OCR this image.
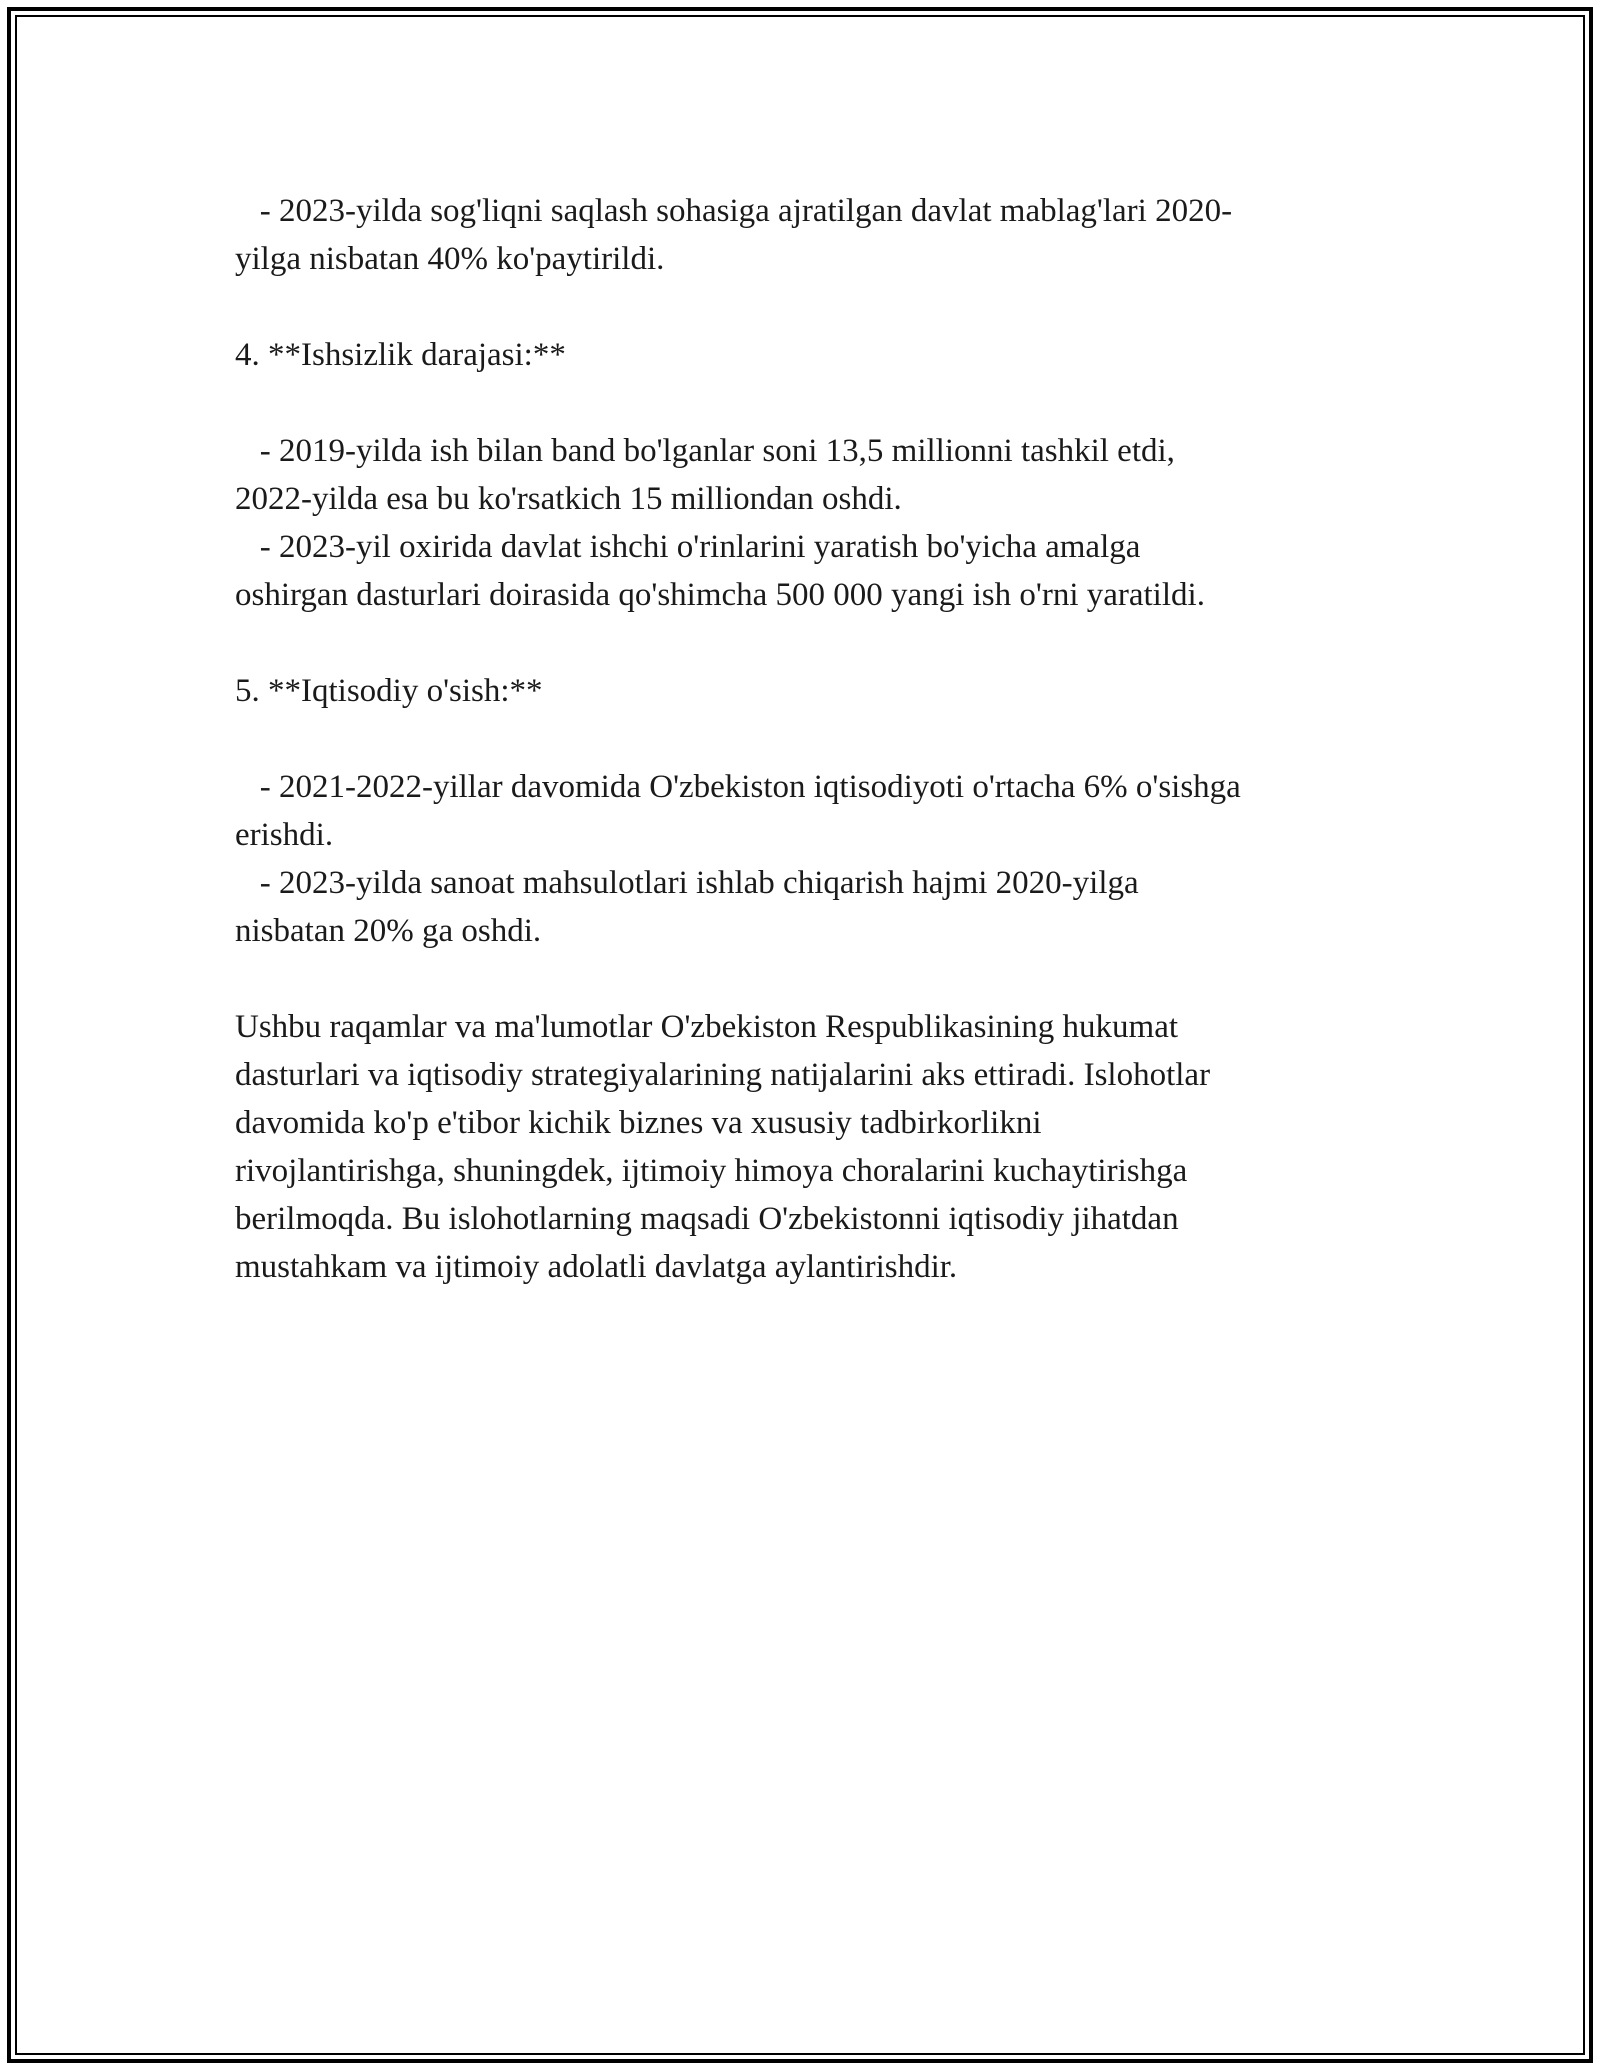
- 2023-yilda sog'liqni saqlash sohasiga ajratilgan davlat mablag'lari 2020-
yilga nisbatan 40% ko'paytirildi.
4. **Ishsizlik darajasi:**
- 2019-yilda ish bilan band bo'lganlar soni 13,5 millionni tashkil etdi,
2022-yilda esa bu ko'rsatkich 15 milliondan oshdi.
- 2023-yil oxirida davlat ishchi o'rinlarini yaratish bo'yicha amalga
oshirgan dasturlari doirasida qo'shimcha 500 000 yangi ish o'rni yaratildi.
5. **Iqtisodiy o'sish:**
- 2021-2022-yillar davomida O'zbekiston iqtisodiyoti o'rtacha 6% o'sishga
erishdi.
- 2023-yilda sanoat mahsulotlari ishlab chiqarish hajmi 2020-yilga
nisbatan 20% ga oshdi.
Ushbu raqamlar va ma'lumotlar O'zbekiston Respublikasining hukumat
dasturlari va iqtisodiy strategiyalarining natijalarini aks ettiradi. Islohotlar
davomida ko'p e'tibor kichik biznes va xususiy tadbirkorlikni
rivojlantirishga, shuningdek, ijtimoiy himoya choralarini kuchaytirishga
berilmoqda. Bu islohotlarning maqsadi O'zbekistonni iqtisodiy jihatdan
mustahkam va ijtimoiy adolatli davlatga aylantirishdir.
